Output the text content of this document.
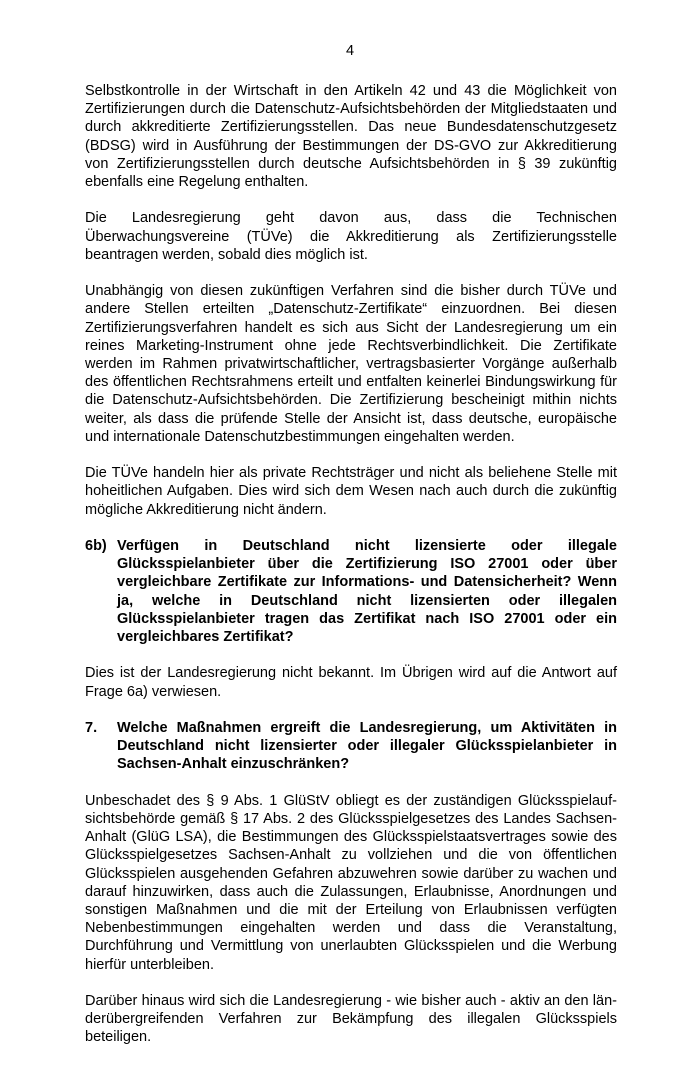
4

Selbstkontrolle in der Wirtschaft in den Artikeln 42 und 43 die Möglichkeit von Zertifizierungen durch die Datenschutz-Aufsichtsbehörden der Mitgliedstaaten und durch akkreditierte Zertifizierungsstellen. Das neue Bundesdatenschutzgesetz (BDSG) wird in Ausführung der Bestimmungen der DS-GVO zur Akkreditierung von Zertifizierungsstellen durch deutsche Aufsichtsbehörden in § 39 zukünftig ebenfalls eine Regelung enthalten.

Die Landesregierung geht davon aus, dass die Technischen Überwachungsvereine (TÜVe) die Akkreditierung als Zertifizierungsstelle beantragen werden, sobald dies möglich ist.

Unabhängig von diesen zukünftigen Verfahren sind die bisher durch TÜVe und andere Stellen erteilten „Datenschutz-Zertifikate“ einzuordnen. Bei diesen Zertifizierungsverfahren handelt es sich aus Sicht der Landesregierung um ein reines Marketing-Instrument ohne jede Rechtsverbindlichkeit. Die Zertifikate werden im Rahmen privatwirtschaftlicher, vertragsbasierter Vorgänge außerhalb des öffentlichen Rechtsrahmens erteilt und entfalten keinerlei Bindungswirkung für die Datenschutz-Aufsichtsbehörden. Die Zertifizierung bescheinigt mithin nichts weiter, als dass die prüfende Stelle der Ansicht ist, dass deutsche, europäische und internationale Datenschutzbestimmungen eingehalten werden.

Die TÜVe handeln hier als private Rechtsträger und nicht als beliehene Stelle mit hoheitlichen Aufgaben. Dies wird sich dem Wesen nach auch durch die zukünftig mögliche Akkreditierung nicht ändern.

6b) Verfügen in Deutschland nicht lizensierte oder illegale Glücksspielanbieter über die Zertifizierung ISO 27001 oder über vergleichbare Zertifikate zur Informations- und Datensicherheit? Wenn ja, welche in Deutschland nicht lizensierten oder illegalen Glücksspielanbieter tragen das Zertifikat nach ISO 27001 oder ein vergleichbares Zertifikat?

Dies ist der Landesregierung nicht bekannt. Im Übrigen wird auf die Antwort auf Frage 6a) verwiesen.

7.	Welche Maßnahmen ergreift die Landesregierung, um Aktivitäten in Deutschland nicht lizensierter oder illegaler Glücksspielanbieter in Sachsen-Anhalt einzuschränken?

Unbeschadet des § 9 Abs. 1 GlüStV obliegt es der zuständigen Glücksspielaufsichtsbehörde gemäß § 17 Abs. 2 des Glücksspielgesetzes des Landes Sachsen-Anhalt (GlüG LSA), die Bestimmungen des Glücksspielstaatsvertrages sowie des Glücksspielgesetzes Sachsen-Anhalt zu vollziehen und die von öffentlichen Glücksspielen ausgehenden Gefahren abzuwehren sowie darüber zu wachen und darauf hinzuwirken, dass auch die Zulassungen, Erlaubnisse, Anordnungen und sonstigen Maßnahmen und die mit der Erteilung von Erlaubnissen verfügten Nebenbestimmungen eingehalten werden und dass die Veranstaltung, Durchführung und Vermittlung von unerlaubten Glücksspielen und die Werbung hierfür unterbleiben.

Darüber hinaus wird sich die Landesregierung - wie bisher auch - aktiv an den länderübergreifenden Verfahren zur Bekämpfung des illegalen Glücksspiels beteiligen.
